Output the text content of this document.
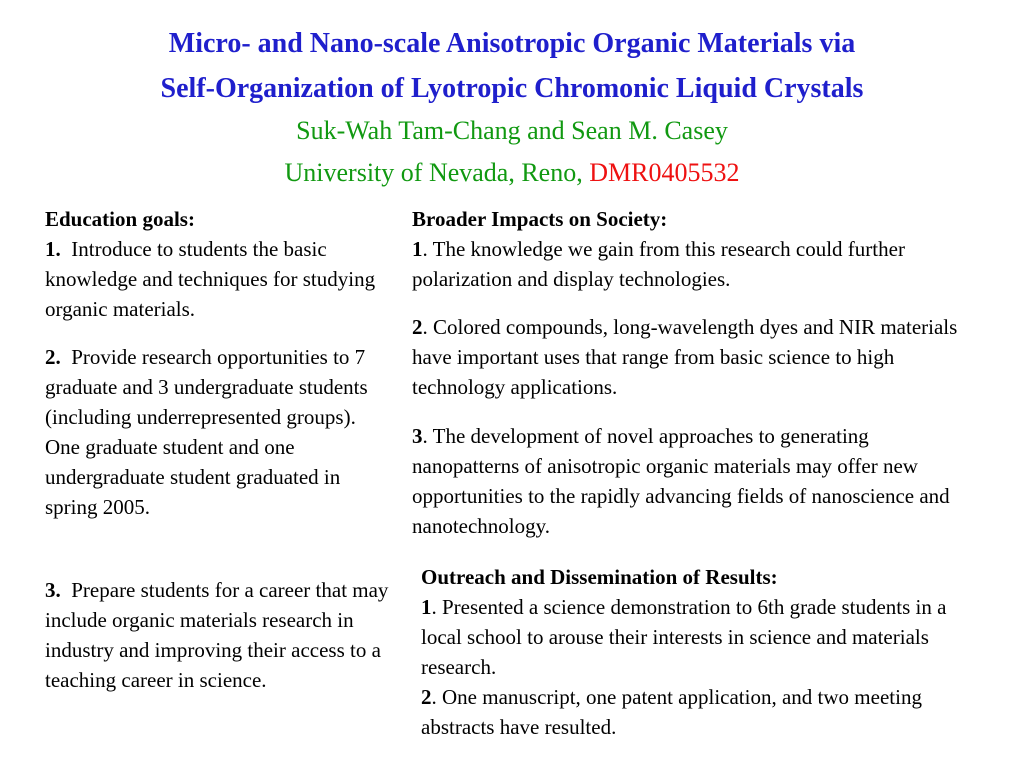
Micro- and Nano-scale Anisotropic Organic Materials via
Self-Organization of Lyotropic Chromonic Liquid Crystals
Suk-Wah Tam-Chang and Sean M. Casey
University of Nevada, Reno, DMR0405532

Education goals:

1. Introduce to students the basic knowledge and techniques for studying organic materials.

2. Provide research opportunities to 7 graduate and 3 undergraduate students (including underrepresented groups). One graduate student and one undergraduate student graduated in spring 2005.

3. Prepare students for a career that may include organic materials research in industry and improving their access to a teaching career in science.

Broader Impacts on Society:

1. The knowledge we gain from this research could further polarization and display technologies.

2. Colored compounds, long-wavelength dyes and NIR materials have important uses that range from basic science to high technology applications.

3. The development of novel approaches to generating nanopatterns of anisotropic organic materials may offer new opportunities to the rapidly advancing fields of nanoscience and nanotechnology.

Outreach and Dissemination of Results:

1. Presented a science demonstration to 6th grade students in a local school to arouse their interests in science and materials research.

2. One manuscript, one patent application, and two meeting abstracts have resulted.
